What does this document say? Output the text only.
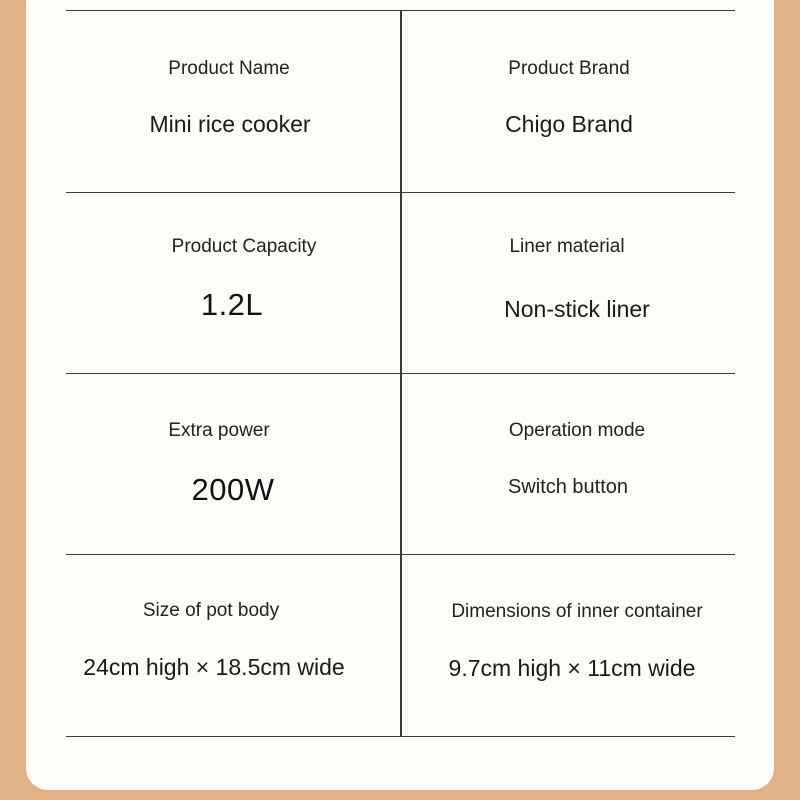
Product Name
Mini rice cooker
Product Brand
Chigo Brand
Product Capacity
1.2L
Liner material
Non-stick liner
Extra power
200W
Operation mode
Switch button
Size of pot body
24cm high × 18.5cm wide
Dimensions of inner container
9.7cm high × 11cm wide
